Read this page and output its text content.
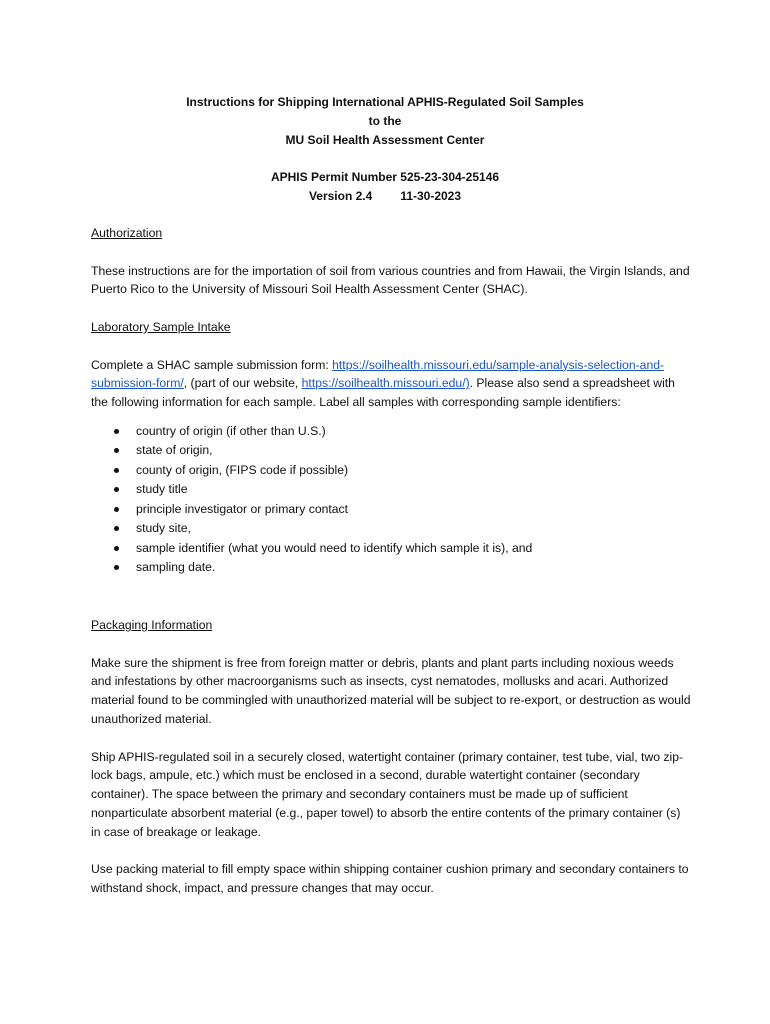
Instructions for Shipping International APHIS-Regulated Soil Samples
to the
MU Soil Health Assessment Center
APHIS Permit Number 525-23-304-25146
Version 2.4 11-30-2023
Authorization

These instructions are for the importation of soil from various countries and from Hawaii, the Virgin Islands, and Puerto Rico to the University of Missouri Soil Health Assessment Center (SHAC).

Laboratory Sample Intake

Complete a SHAC sample submission form: https://soilhealth.missouri.edu/sample-analysis-selection-and-submission-form/, (part of our website, https://soilhealth.missouri.edu/). Please also send a spreadsheet with the following information for each sample. Label all samples with corresponding sample identifiers:

country of origin (if other than U.S.)
state of origin,
county of origin, (FIPS code if possible)
study title
principle investigator or primary contact
study site,
sample identifier (what you would need to identify which sample it is), and
sampling date.
Packaging Information

Make sure the shipment is free from foreign matter or debris, plants and plant parts including noxious weeds and infestations by other macroorganisms such as insects, cyst nematodes, mollusks and acari. Authorized material found to be commingled with unauthorized material will be subject to re-export, or destruction as would unauthorized material.

Ship APHIS-regulated soil in a securely closed, watertight container (primary container, test tube, vial, two zip-lock bags, ampule, etc.) which must be enclosed in a second, durable watertight container (secondary container). The space between the primary and secondary containers must be made up of sufficient nonparticulate absorbent material (e.g., paper towel) to absorb the entire contents of the primary container (s) in case of breakage or leakage.

Use packing material to fill empty space within shipping container cushion primary and secondary containers to withstand shock, impact, and pressure changes that may occur.
